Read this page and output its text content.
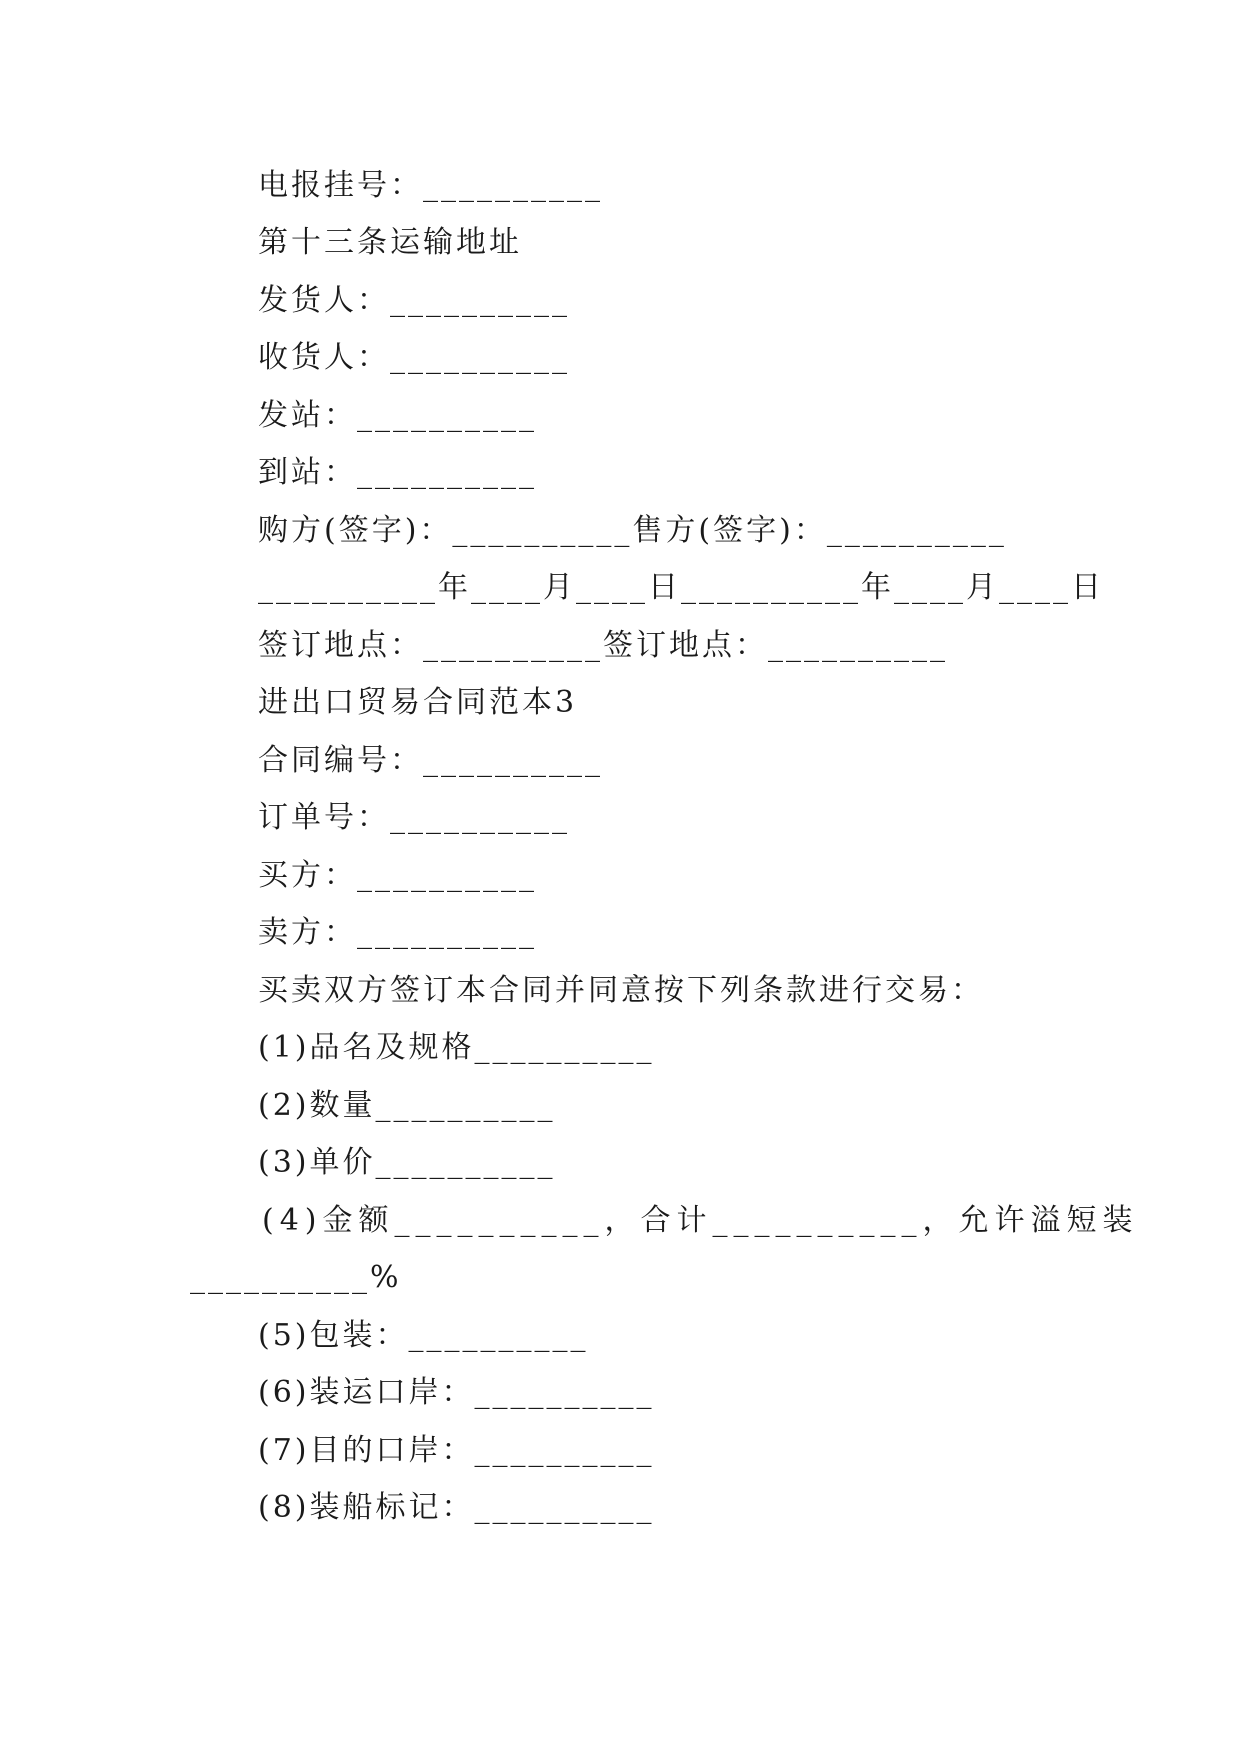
电报挂号：__________
第十三条运输地址
发货人：__________
收货人：__________
发站：__________
到站：__________
购方(签字)：__________售方(签字)：__________
__________年____月____日__________年____月____日
签订地点：__________签订地点：__________
进出口贸易合同范本3
合同编号：__________
订单号：__________
买方：__________
卖方：__________
买卖双方签订本合同并同意按下列条款进行交易：
(1)品名及规格__________
(2)数量__________
(3)单价__________
(4)金额__________，合计__________，允许溢短装
__________%
(5)包装：__________
(6)装运口岸：__________
(7)目的口岸：__________
(8)装船标记：__________
